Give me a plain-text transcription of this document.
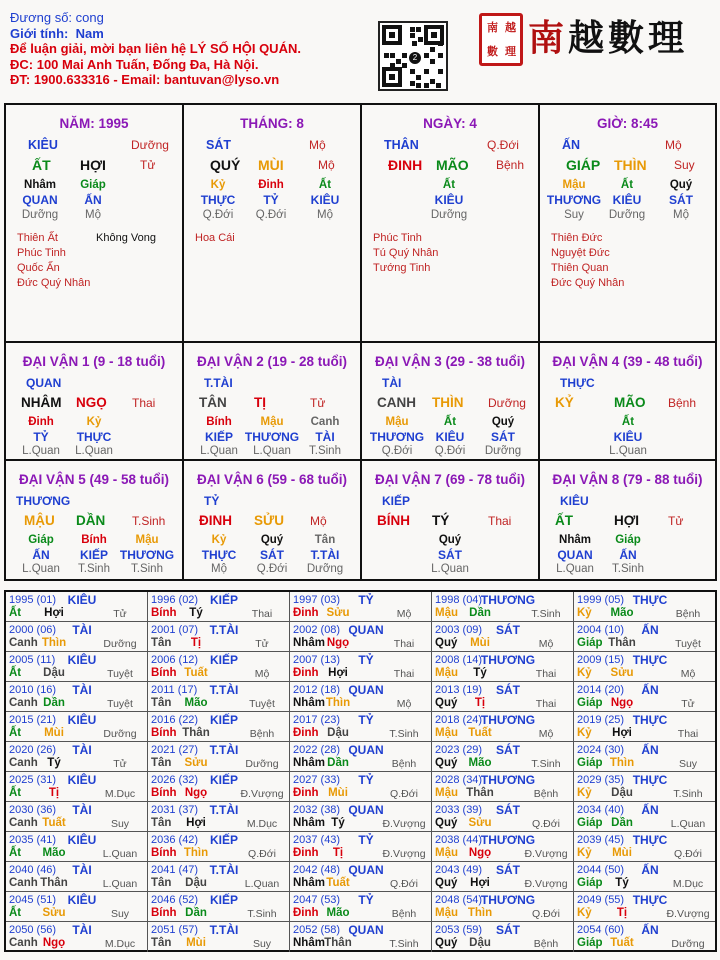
Đương số: cong
Giới tính: Nam
Để luận giải, mời bạn liên hệ LÝ SỐ HỘI QUÁN.
ĐC: 100 Mai Anh Tuấn, Đống Đa, Hà Nội.
ĐT: 1900.633316 - Email: bantuvan@lyso.vn
2
南 越
數 理 南越數理
NĂM: 1995
KIÊU	Dưỡng
ẤT HỢI	Tử
Nhâm
QUAN
Dưỡng
Giáp
ẤN
Mộ
Thiên Ất
Phúc Tinh
Quốc Ấn
Đức Quý Nhân
Không Vong
THÁNG: 8
SÁT	Mộ
QUÝ MÙI	Mộ
Kỷ
THỰC
Q.Đới
Đinh
TỶ
Q.Đới
Ất
KIÊU
Mộ
Hoa Cái
NGÀY: 4
THÂN	Q.Đới
ĐINH MÃO Bệnh
Ất
KIÊU
Dưỡng
Phúc Tinh
Tú Quý Nhân
Tướng Tinh
GIỜ: 8:45
ẤN	Mộ
GIÁP THÌN Suy
Mậu
THƯƠNG
Suy
Ất
KIÊU
Dưỡng
Quý
SÁT
Mộ
Thiên Đức
Nguyệt Đức
Thiên Quan
Đức Quý Nhân
ĐẠI VẬN 1 (9 - 18 tuổi)
QUAN
NHÂM NGỌ Thai
Đinh
TỶ
L.Quan
Kỷ
THỰC
L.Quan
ĐẠI VẬN 2 (19 - 28 tuổi)
T.TÀI
TÂN TỊ	Tử
Bính
KIẾP
L.Quan
Mậu
THƯƠNG
L.Quan
Canh
TÀI
T.Sinh
ĐẠI VẬN 3 (29 - 38 tuổi)
TÀI
CANH THÌN Dưỡng
Mậu
THƯƠNG
Q.Đới
Ất
KIÊU
Q.Đới
Quý
SÁT
Dưỡng
ĐẠI VẬN 4 (39 - 48 tuổi)
THỰC
KỶ	MÃO Bệnh
Ất
KIÊU
L.Quan
ĐẠI VẬN 5 (49 - 58 tuổi)
THƯƠNG
MẬU DẦN T.Sinh
Giáp
ẤN
L.Quan
Bính
KIẾP
T.Sinh
Mậu
THƯƠNG
T.Sinh
ĐẠI VẬN 6 (59 - 68 tuổi)
TỶ
ĐINH SỬU Mộ
Kỷ
THỰC
Mộ
Quý
SÁT
Q.Đới
Tân
T.TÀI
Dưỡng
ĐẠI VẬN 7 (69 - 78 tuổi)
KIẾP
BÍNH TÝ	Thai
Quý
SÁT
L.Quan
ĐẠI VẬN 8 (79 - 88 tuổi)
KIÊU
ẤT	HỢI Tử
Nhâm
QUAN
L.Quan
Giáp
ẤN
T.Sinh
1995 (01) KIÊU
Ất Hợi	Tử
1996 (02) KIẾP
Bính Tý	Thai
1997 (03) TỶ
Đinh Sửu	Mộ
1998 (04)
THƯƠNG
Mậu Dần	T.Sinh
1999 (05) THỰC
Kỷ Mão	Bệnh
2000 (06) TÀI
Canh Thìn	Dưỡng
2001 (07) T.TÀI
Tân Tị	Tử
2002 (08) QUAN
Nhâm Ngọ	Thai
2003 (09) SÁT
Quý Mùi	Mộ
2004 (10) ẤN
Giáp Thân	Tuyệt
2005 (11) KIÊU
Ất Dậu	Tuyệt
2006 (12) KIẾP
Bính Tuất	Mộ
2007 (13) TỶ
Đinh Hợi	Thai
2008 (14)
THƯƠNG
Mậu Tý	Thai
2009 (15) THỰC
Kỷ Sửu	Mộ
2010 (16) TÀI
Canh Dần	Tuyệt
2011 (17) T.TÀI
Tân Mão	Tuyệt
2012 (18) QUAN
Nhâm Thìn	Mộ
2013 (19) SÁT
Quý Tị	Thai
2014 (20) ẤN
Giáp Ngọ	Tử
2015 (21) KIÊU
Ất Mùi	Dưỡng
2016 (22) KIẾP
Bính Thân	Bệnh
2017 (23) TỶ
Đinh Dậu	T.Sinh
2018 (24)
THƯƠNG
Mậu Tuất	Mộ
2019 (25) THỰC
Kỷ Hợi	Thai
2020 (26) TÀI
Canh Tý	Tử
2021 (27) T.TÀI
Tân Sửu	Dưỡng
2022 (28) QUAN
Nhâm Dần	Bệnh
2023 (29) SÁT
Quý Mão	T.Sinh
2024 (30) ẤN
Giáp Thìn	Suy
2025 (31) KIÊU
Ất Tị	M.Dục
2026 (32) KIẾP
Bính Ngọ	Đ.Vượng
2027 (33) TỶ
Đinh Mùi	Q.Đới
2028 (34)
THƯƠNG
Mậu Thân	Bệnh
2029 (35) THỰC
Kỷ Dậu	T.Sinh
2030 (36) TÀI
Canh Tuất	Suy
2031 (37) T.TÀI
Tân Hợi	M.Dục
2032 (38) QUAN
Nhâm Tý	Đ.Vượng
2033 (39) SÁT
Quý Sửu	Q.Đới
2034 (40) ẤN
Giáp Dần	L.Quan
2035 (41) KIÊU
Ất Mão	L.Quan
2036 (42) KIẾP
Bính Thìn	Q.Đới
2037 (43) TỶ
Đinh Tị	Đ.Vượng
2038 (44)
THƯƠNG
Mậu Ngọ	Đ.Vượng
2039 (45) THỰC
Kỷ Mùi	Q.Đới
2040 (46) TÀI
Canh Thân	L.Quan
2041 (47) T.TÀI
Tân Dậu	L.Quan
2042 (48) QUAN
Nhâm Tuất	Q.Đới
2043 (49) SÁT
Quý Hợi	Đ.Vượng
2044 (50) ẤN
Giáp Tý	M.Dục
2045 (51) KIÊU
Ất Sửu	Suy
2046 (52) KIẾP
Bính Dần	T.Sinh
2047 (53) TỶ
Đinh Mão	Bệnh
2048 (54)
THƯƠNG
Mậu Thìn	Q.Đới
2049 (55) THỰC
Kỷ Tị	Đ.Vượng
2050 (56) TÀI
Canh Ngọ	M.Dục
2051 (57) T.TÀI
Tân Mùi	Suy
2052 (58) QUAN
Nhâm Thân	T.Sinh
2053 (59) SÁT
Quý Dậu	Bệnh
2054 (60) ẤN
Giáp Tuất	Dưỡng
